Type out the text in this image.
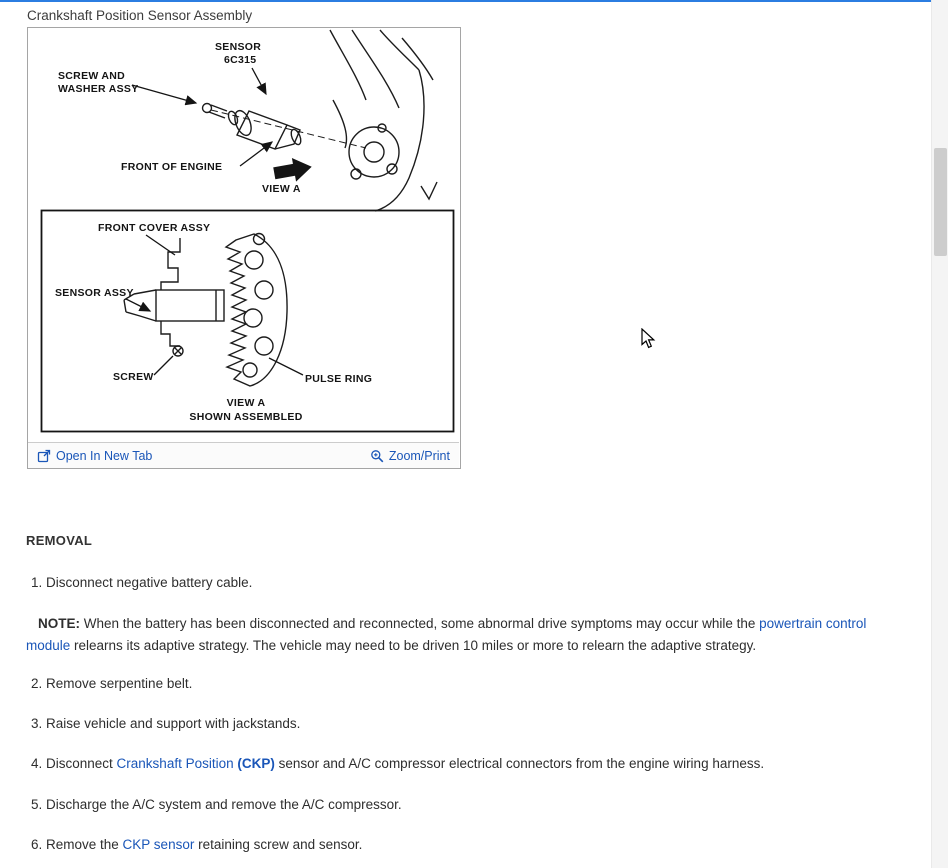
Crankshaft Position Sensor Assembly
SENSOR
6C315
SCREW AND
WASHER ASSY
FRONT OF ENGINE
VIEW A
FRONT COVER ASSY
SENSOR ASSY
SCREW	PULSE RING
VIEW A
SHOWN ASSEMBLED
Open In New Tab	Zoom/Print
REMOVAL
1. Disconnect negative battery cable.
NOTE: When the battery has been disconnected and reconnected, some abnormal drive symptoms may occur while the powertrain control
module relearns its adaptive strategy. The vehicle may need to be driven 10 miles or more to relearn the adaptive strategy.
2. Remove serpentine belt.
3. Raise vehicle and support with jackstands.
4. Disconnect Crankshaft Position (CKP) sensor and A/C compressor electrical connectors from the engine wiring harness.
5. Discharge the A/C system and remove the A/C compressor.
6. Remove the CKP sensor retaining screw and sensor.
